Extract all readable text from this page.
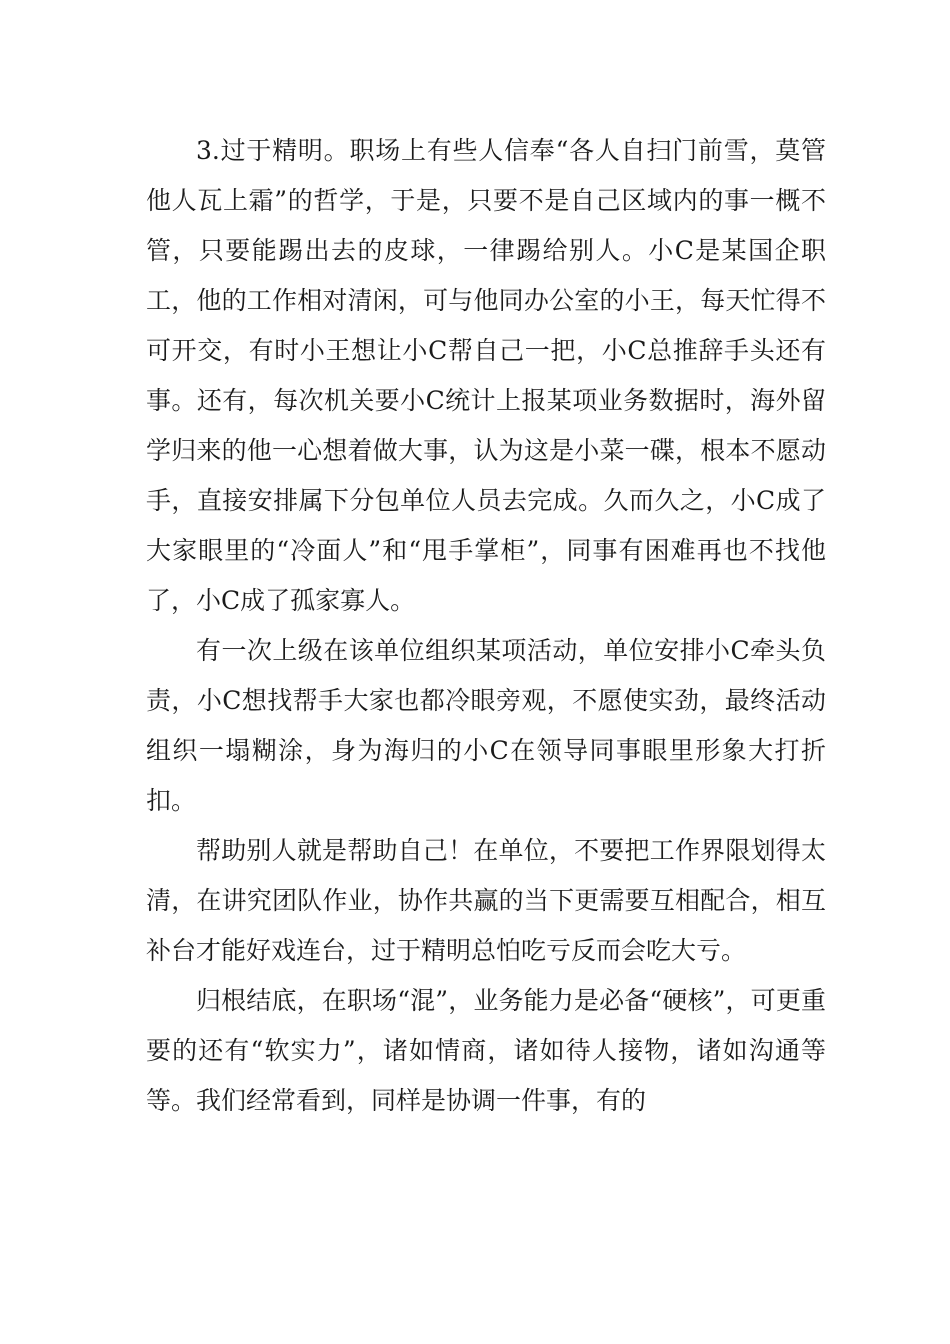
3.过于精明。职场上有些人信奉“各人自扫门前雪，莫管他人瓦上霜”的哲学，于是，只要不是自己区域内的事一概不管，只要能踢出去的皮球，一律踢给别人。小C是某国企职工，他的工作相对清闲，可与他同办公室的小王，每天忙得不可开交，有时小王想让小C帮自己一把，小C总推辞手头还有事。还有，每次机关要小C统计上报某项业务数据时，海外留学归来的他一心想着做大事，认为这是小菜一碟，根本不愿动手，直接安排属下分包单位人员去完成。久而久之，小C成了大家眼里的“冷面人”和“甩手掌柜”，同事有困难再也不找他了，小C成了孤家寡人。

有一次上级在该单位组织某项活动，单位安排小C牵头负责，小C想找帮手大家也都冷眼旁观，不愿使实劲，最终活动组织一塌糊涂，身为海归的小C在领导同事眼里形象大打折扣。

帮助别人就是帮助自己！在单位，不要把工作界限划得太清，在讲究团队作业，协作共赢的当下更需要互相配合，相互补台才能好戏连台，过于精明总怕吃亏反而会吃大亏。

归根结底，在职场“混”，业务能力是必备“硬核”，可更重要的还有“软实力”，诸如情商，诸如待人接物，诸如沟通等等。我们经常看到，同样是协调一件事，有的
